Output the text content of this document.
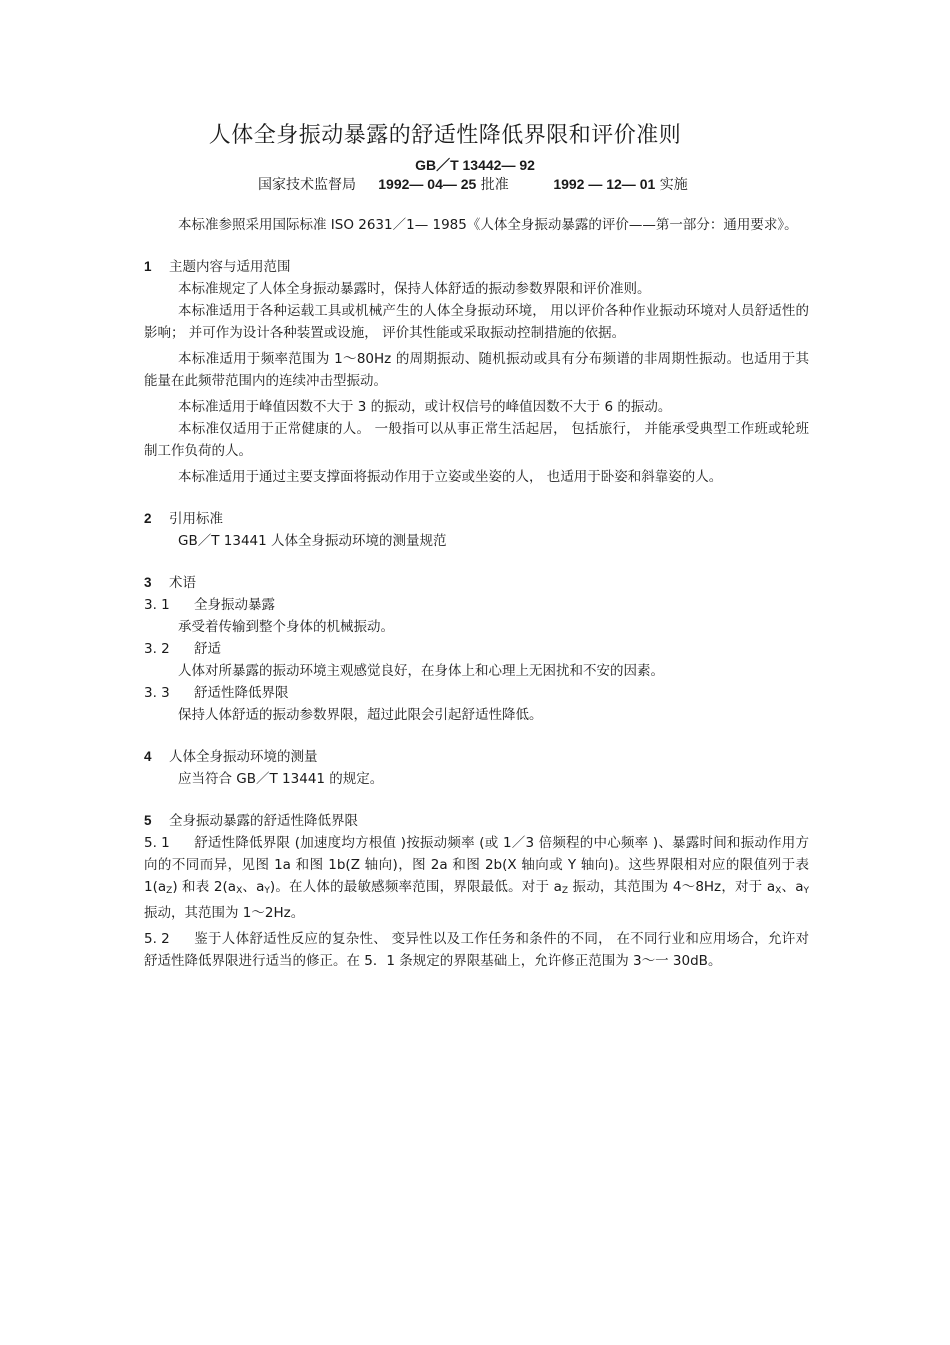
人体全身振动暴露的舒适性降低界限和评价准则
GB／T 13442— 92
国家技术监督局 1992— 04— 25 批准	1992 — 12— 01 实施

本标准参照采用国际标准 ISO 2631／1— 1985《人体全身振动暴露的评价——第一部分：通用要求》。

1 主题内容与适用范围

本标准规定了人体全身振动暴露时，保持人体舒适的振动参数界限和评价准则。

本标准适用于各种运载工具或机械产生的人体全身振动环境， 用以评价各种作业振动环境对人员舒适性的影响； 并可作为设计各种装置或设施， 评价其性能或采取振动控制措施的依据。

本标准适用于频率范围为 1～80Hz 的周期振动、随机振动或具有分布频谱的非周期性振动。也适用于其能量在此频带范围内的连续冲击型振动。

本标准适用于峰值因数不大于 3 的振动，或计权信号的峰值因数不大于 6 的振动。

本标准仅适用于正常健康的人。 一般指可以从事正常生活起居， 包括旅行， 并能承受典型工作班或轮班制工作负荷的人。

本标准适用于通过主要支撑面将振动作用于立姿或坐姿的人， 也适用于卧姿和斜靠姿的人。

2 引用标准

GB／T 13441 人体全身振动环境的测量规范

3 术语

3. 1 全身振动暴露

承受着传输到整个身体的机械振动。

3. 2 舒适

人体对所暴露的振动环境主观感觉良好，在身体上和心理上无困扰和不安的因素。

3. 3 舒适性降低界限

保持人体舒适的振动参数界限，超过此限会引起舒适性降低。

4 人体全身振动环境的测量

应当符合 GB／T 13441 的规定。

5 全身振动暴露的舒适性降低界限

5. 1 舒适性降低界限 (加速度均方根值 )按振动频率 (或 1／3 倍频程的中心频率 )、暴露时间和振动作用方向的不同而异，见图 1a 和图 1b(Z 轴向)，图 2a 和图 2b(X 轴向或 Y 轴向)。这些界限相对应的限值列于表 $1(a_Z)$ 和表 $2(a_X$、$a_Y$)。在人体的最敏感频率范围，界限最低。对于 $a_Z$ 振动，其范围为 4～8Hz，对于 $a_X$、$a_Y$ 振动，其范围为 1～2Hz。

5. 2 鉴于人体舒适性反应的复杂性、 变异性以及工作任务和条件的不同， 在不同行业和应用场合，允许对舒适性降低界限进行适当的修正。在 5．1 条规定的界限基础上，允许修正范围为 3～一 30dB。
